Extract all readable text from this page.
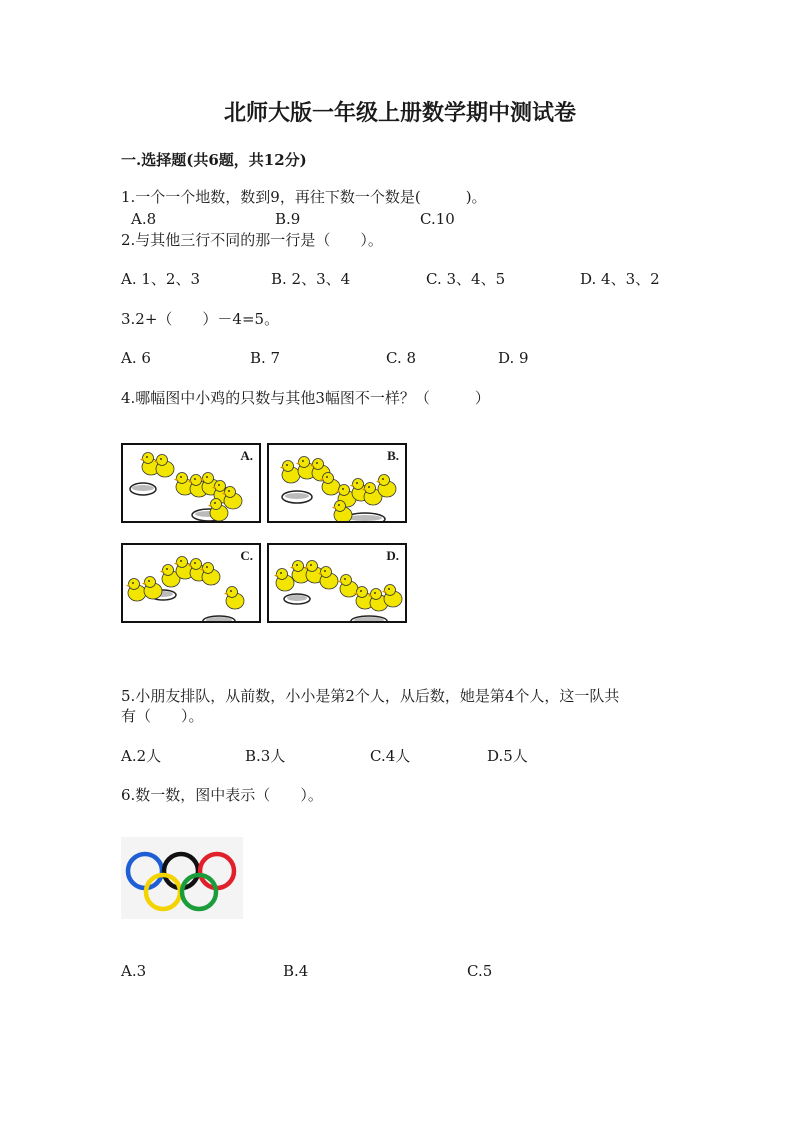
北师大版一年级上册数学期中测试卷
一.选择题(共6题，共12分)
1.一个一个地数，数到9，再往下数一个数是(　　　)。
A.8	B.9	C.10
2.与其他三行不同的那一行是（　　）。
A. 1、2、3	B. 2、3、4	C. 3、4、5	D. 4、3、2
3.2+（　　）－4=5。
A. 6	B. 7	C. 8	D. 9
4.哪幅图中小鸡的只数与其他3幅图不一样？（　　　）
A.	B.
C.	D.
5.小朋友排队，从前数，小小是第2个人，从后数，她是第4个人，这一队共
有（　　）。
A.2人	B.3人	C.4人	D.5人
6.数一数，图中表示（　　）。
A.3	B.4	C.5
